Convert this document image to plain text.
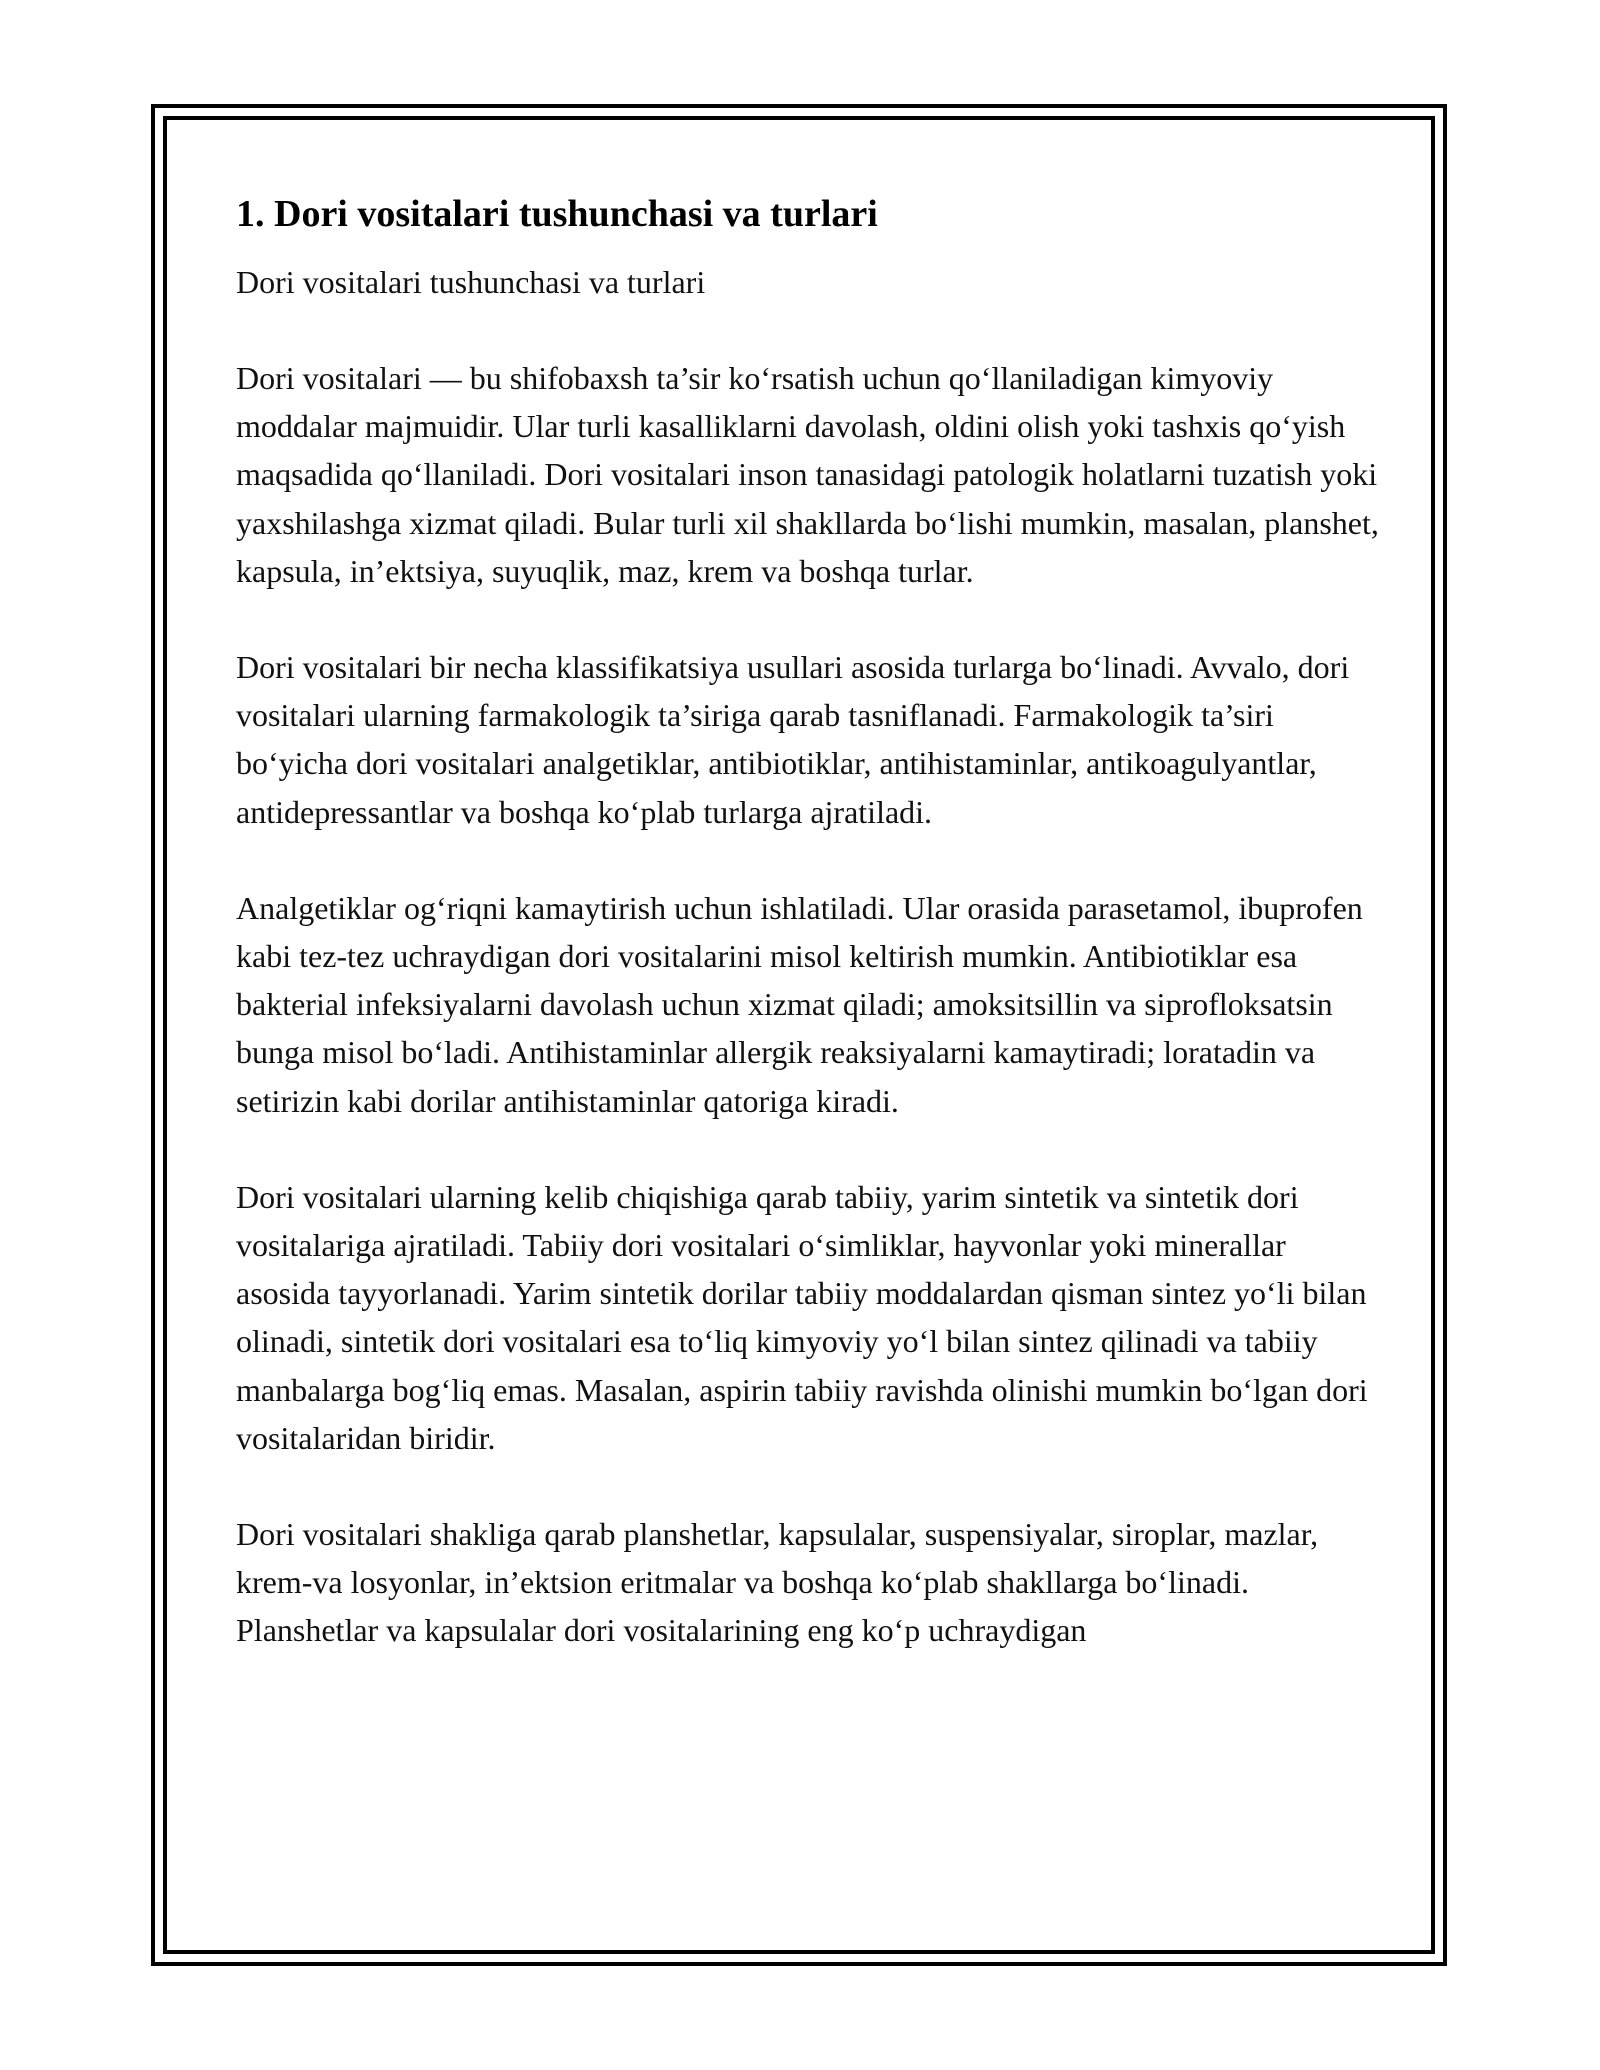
1. Dori vositalari tushunchasi va turlari

Dori vositalari tushunchasi va turlari

Dori vositalari — bu shifobaxsh ta’sir ko‘rsatish uchun qo‘llaniladigan kimyoviy moddalar majmuidir. Ular turli kasalliklarni davolash, oldini olish yoki tashxis qo‘yish maqsadida qo‘llaniladi. Dori vositalari inson tanasidagi patologik holatlarni tuzatish yoki yaxshilashga xizmat qiladi. Bular turli xil shakllarda bo‘lishi mumkin, masalan, planshet, kapsula, in’ektsiya, suyuqlik, maz, krem va boshqa turlar.

Dori vositalari bir necha klassifikatsiya usullari asosida turlarga bo‘linadi. Avvalo, dori vositalari ularning farmakologik ta’siriga qarab tasniflanadi. Farmakologik ta’siri bo‘yicha dori vositalari analgetiklar, antibiotiklar, antihistaminlar, antikoagulyantlar, antidepressantlar va boshqa ko‘plab turlarga ajratiladi.

Analgetiklar og‘riqni kamaytirish uchun ishlatiladi. Ular orasida parasetamol, ibuprofen kabi tez-tez uchraydigan dori vositalarini misol keltirish mumkin. Antibiotiklar esa bakterial infeksiyalarni davolash uchun xizmat qiladi; amoksitsillin va siprofloksatsin bunga misol bo‘ladi. Antihistaminlar allergik reaksiyalarni kamaytiradi; loratadin va setirizin kabi dorilar antihistaminlar qatoriga kiradi.

Dori vositalari ularning kelib chiqishiga qarab tabiiy, yarim sintetik va sintetik dori vositalariga ajratiladi. Tabiiy dori vositalari o‘simliklar, hayvonlar yoki minerallar asosida tayyorlanadi. Yarim sintetik dorilar tabiiy moddalardan qisman sintez yo‘li bilan olinadi, sintetik dori vositalari esa to‘liq kimyoviy yo‘l bilan sintez qilinadi va tabiiy manbalarga bog‘liq emas. Masalan, aspirin tabiiy ravishda olinishi mumkin bo‘lgan dori vositalaridan biridir.

Dori vositalari shakliga qarab planshetlar, kapsulalar, suspensiyalar, siroplar, mazlar, krem-va losyonlar, in’ektsion eritmalar va boshqa ko‘plab shakllarga bo‘linadi. Planshetlar va kapsulalar dori vositalarining eng ko‘p uchraydigan
